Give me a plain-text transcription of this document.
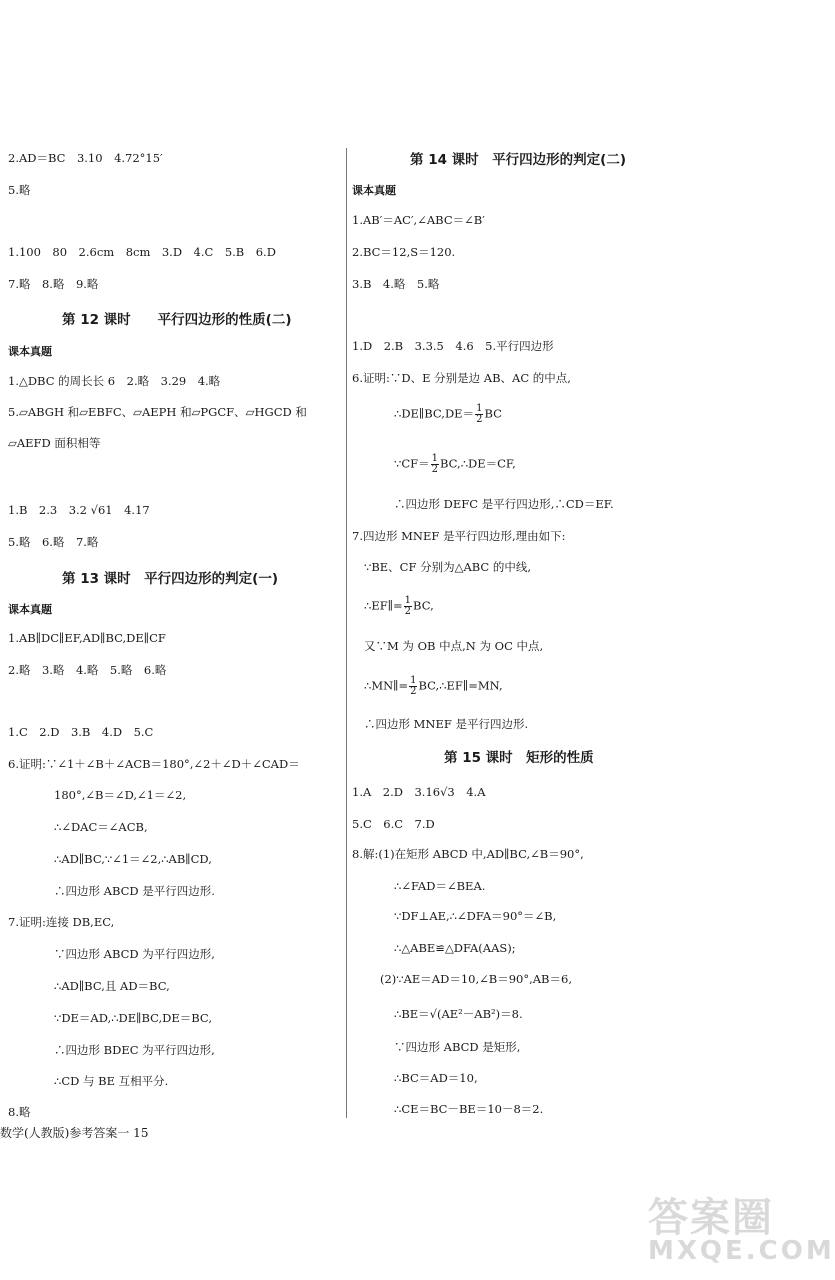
2.AD＝BC　3.10　4.72°15′
5.略
1.100　80　2.6cm　8cm　3.D　4.C　5.B　6.D
7.略　8.略　9.略
第 12 课时　　平行四边形的性质(二)
课本真题
1.△DBC 的周长长 6　2.略　3.29　4.略
5.▱ABGH 和▱EBFC、▱AEPH 和▱PGCF、▱HGCD 和
▱AEFD 面积相等
1.B　2.3　3.2 √61　4.17
5.略　6.略　7.略
第 13 课时　平行四边形的判定(一)
课本真题
1.AB∥DC∥EF,AD∥BC,DE∥CF
2.略　3.略　4.略　5.略　6.略
1.C　2.D　3.B　4.D　5.C
6.证明:∵∠1＋∠B＋∠ACB＝180°,∠2＋∠D＋∠CAD＝
180°,∠B＝∠D,∠1＝∠2,
∴∠DAC＝∠ACB,
∴AD∥BC,∵∠1＝∠2,∴AB∥CD,
∴四边形 ABCD 是平行四边形.
7.证明:连接 DB,EC,
∵四边形 ABCD 为平行四边形,
∴AD∥BC,且 AD＝BC,
∵DE＝AD,∴DE∥BC,DE＝BC,
∴四边形 BDEC 为平行四边形,
∴CD 与 BE 互相平分.
8.略
第 14 课时　平行四边形的判定(二)
课本真题
1.AB′＝AC′,∠ABC＝∠B′
2.BC＝12,S＝120.
3.B　4.略　5.略
1.D　2.B　3.3.5　4.6　5.平行四边形
6.证明:∵D、E 分别是边 AB、AC 的中点,
∴DE∥BC,DE＝ $\frac{1}{2}$ BC
∵CF＝ $\frac{1}{2}$ BC,∴DE＝CF,
∴四边形 DEFC 是平行四边形,∴CD＝EF.
7.四边形 MNEF 是平行四边形,理由如下:
∵BE、CF 分别为△ABC 的中线,
∴EF∥= $\frac{1}{2}$ BC,
又∵M 为 OB 中点,N 为 OC 中点,
∴MN∥= $\frac{1}{2}$ BC,∴EF∥=MN,
∴四边形 MNEF 是平行四边形.
第 15 课时　矩形的性质
1.A　2.D　3.16√3　4.A
5.C　6.C　7.D
8.解:(1)在矩形 ABCD 中,AD∥BC,∠B＝90°,
∴∠FAD＝∠BEA.
∵DF⊥AE,∴∠DFA＝90°＝∠B,
∴△ABE≌△DFA(AAS);
(2)∵AE＝AD＝10,∠B＝90°,AB＝6,
∴BE＝√(AE²－AB²)＝8.
∵四边形 ABCD 是矩形,
∴BC＝AD＝10,
∴CE＝BC－BE＝10－8＝2.
数学(人教版)参考答案一 15
答案圈
MXQE.COM
